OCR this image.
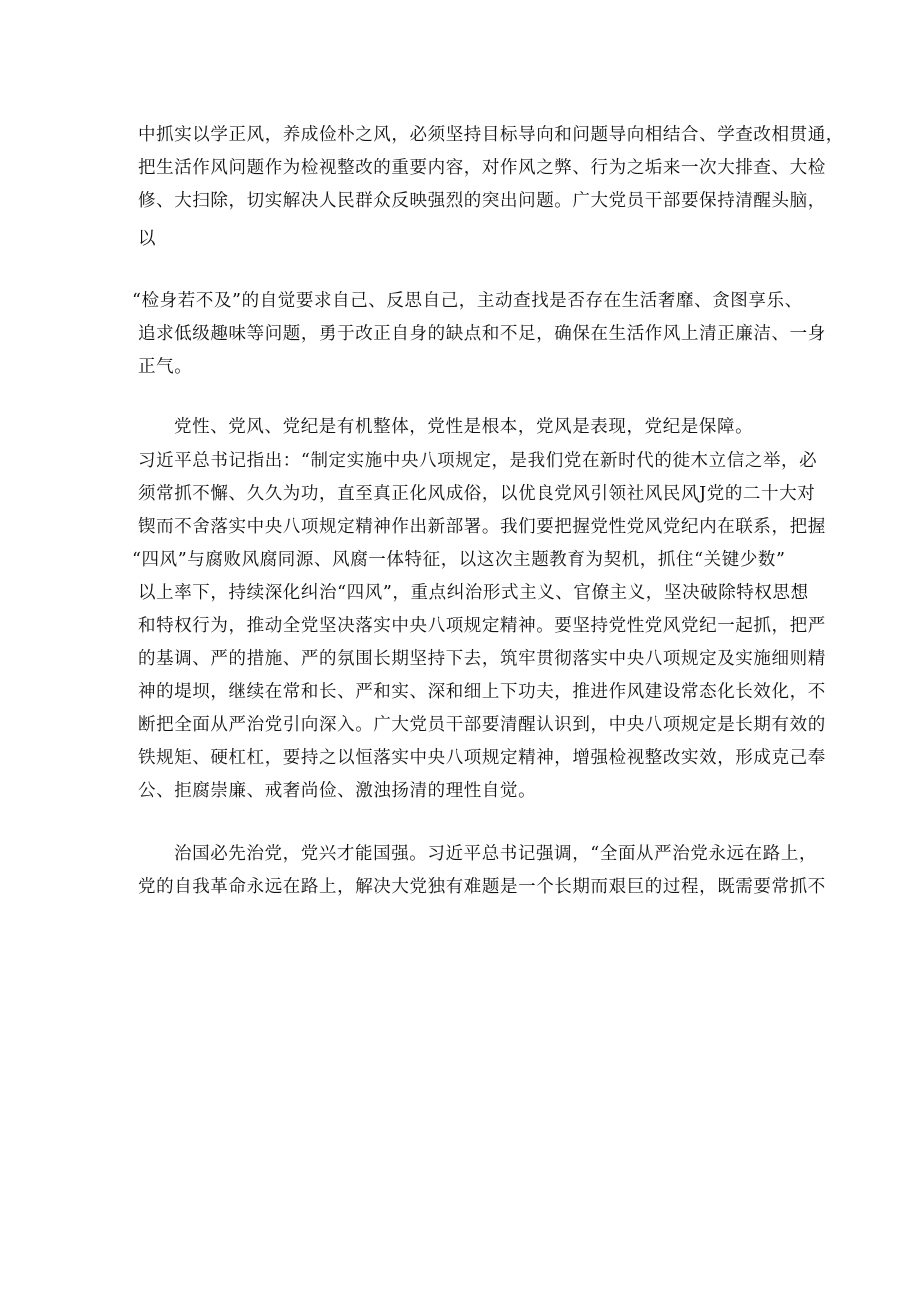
中抓实以学正风，养成俭朴之风，必须坚持目标导向和问题导向相结合、学查改相贯通，
把生活作风问题作为检视整改的重要内容，对作风之弊、行为之垢来一次大排查、大检
修、大扫除，切实解决人民群众反映强烈的突出问题。广大党员干部要保持清醒头脑，
以
“检身若不及”的自觉要求自己、反思自己，主动查找是否存在生活奢靡、贪图享乐、
追求低级趣味等问题，勇于改正自身的缺点和不足，确保在生活作风上清正廉洁、一身
正气。
党性、党风、党纪是有机整体，党性是根本，党风是表现，党纪是保障。
习近平总书记指出：“制定实施中央八项规定，是我们党在新时代的徙木立信之举，必
须常抓不懈、久久为功，直至真正化风成俗，以优良党风引领社风民风J党的二十大对
锲而不舍落实中央八项规定精神作出新部署。我们要把握党性党风党纪内在联系，把握
“四风”与腐败风腐同源、风腐一体特征，以这次主题教育为契机，抓住“关键少数”
以上率下，持续深化纠治“四风”，重点纠治形式主义、官僚主义，坚决破除特权思想
和特权行为，推动全党坚决落实中央八项规定精神。要坚持党性党风党纪一起抓，把严
的基调、严的措施、严的氛围长期坚持下去，筑牢贯彻落实中央八项规定及实施细则精
神的堤坝，继续在常和长、严和实、深和细上下功夫，推进作风建设常态化长效化，不
断把全面从严治党引向深入。广大党员干部要清醒认识到，中央八项规定是长期有效的
铁规矩、硬杠杠，要持之以恒落实中央八项规定精神，增强检视整改实效，形成克己奉
公、拒腐崇廉、戒奢尚俭、激浊扬清的理性自觉。
治国必先治党，党兴才能国强。习近平总书记强调，“全面从严治党永远在路上，
党的自我革命永远在路上，解决大党独有难题是一个长期而艰巨的过程，既需要常抓不
